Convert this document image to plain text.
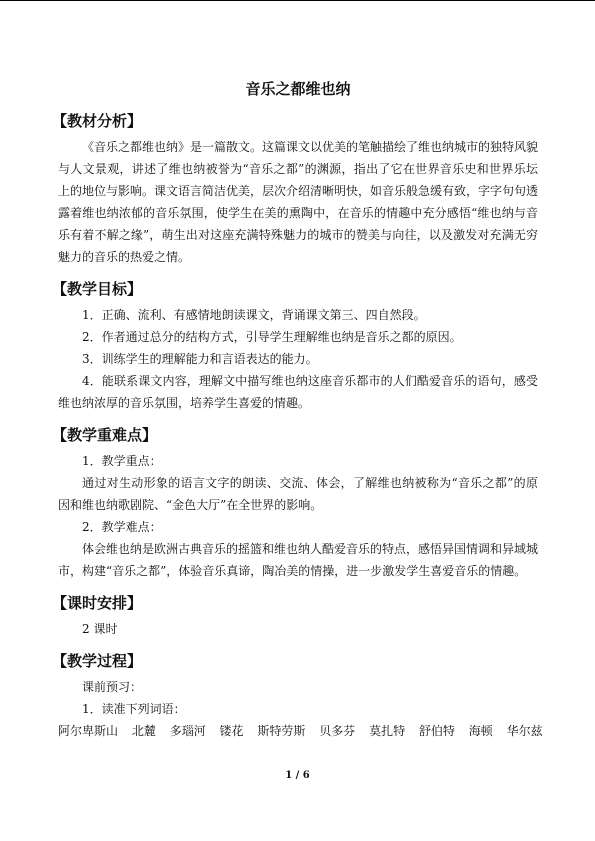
音乐之都维也纳
【教材分析】

《音乐之都维也纳》是一篇散文。这篇课文以优美的笔触描绘了维也纳城市的独特风貌与人文景观，讲述了维也纳被誉为“音乐之都”的渊源，指出了它在世界音乐史和世界乐坛上的地位与影响。课文语言简洁优美，层次介绍清晰明快，如音乐般急缓有致，字字句句透露着维也纳浓郁的音乐氛围，使学生在美的熏陶中，在音乐的情趣中充分感悟“维也纳与音乐有着不解之缘”，萌生出对这座充满特殊魅力的城市的赞美与向往，以及激发对充满无穷魅力的音乐的热爱之情。

【教学目标】

1．正确、流利、有感情地朗读课文，背诵课文第三、四自然段。

2．作者通过总分的结构方式，引导学生理解维也纳是音乐之都的原因。

3．训练学生的理解能力和言语表达的能力。

4．能联系课文内容，理解文中描写维也纳这座音乐都市的人们酷爱音乐的语句，感受维也纳浓厚的音乐氛围，培养学生喜爱的情趣。

【教学重难点】

1．教学重点：

通过对生动形象的语言文字的朗读、交流、体会，了解维也纳被称为“音乐之都”的原因和维也纳歌剧院、“金色大厅”在全世界的影响。

2．教学难点：

体会维也纳是欧洲古典音乐的摇篮和维也纳人酷爱音乐的特点，感悟异国情调和异域城市，构建“音乐之都”，体验音乐真谛，陶冶美的情操，进一步激发学生喜爱音乐的情趣。

【课时安排】

2 课时

【教学过程】

课前预习：

1．读准下列词语：

阿尔卑斯山 北麓 多瑙河 镂花 斯特劳斯 贝多芬 莫扎特 舒伯特 海顿 华尔兹

1 / 6
